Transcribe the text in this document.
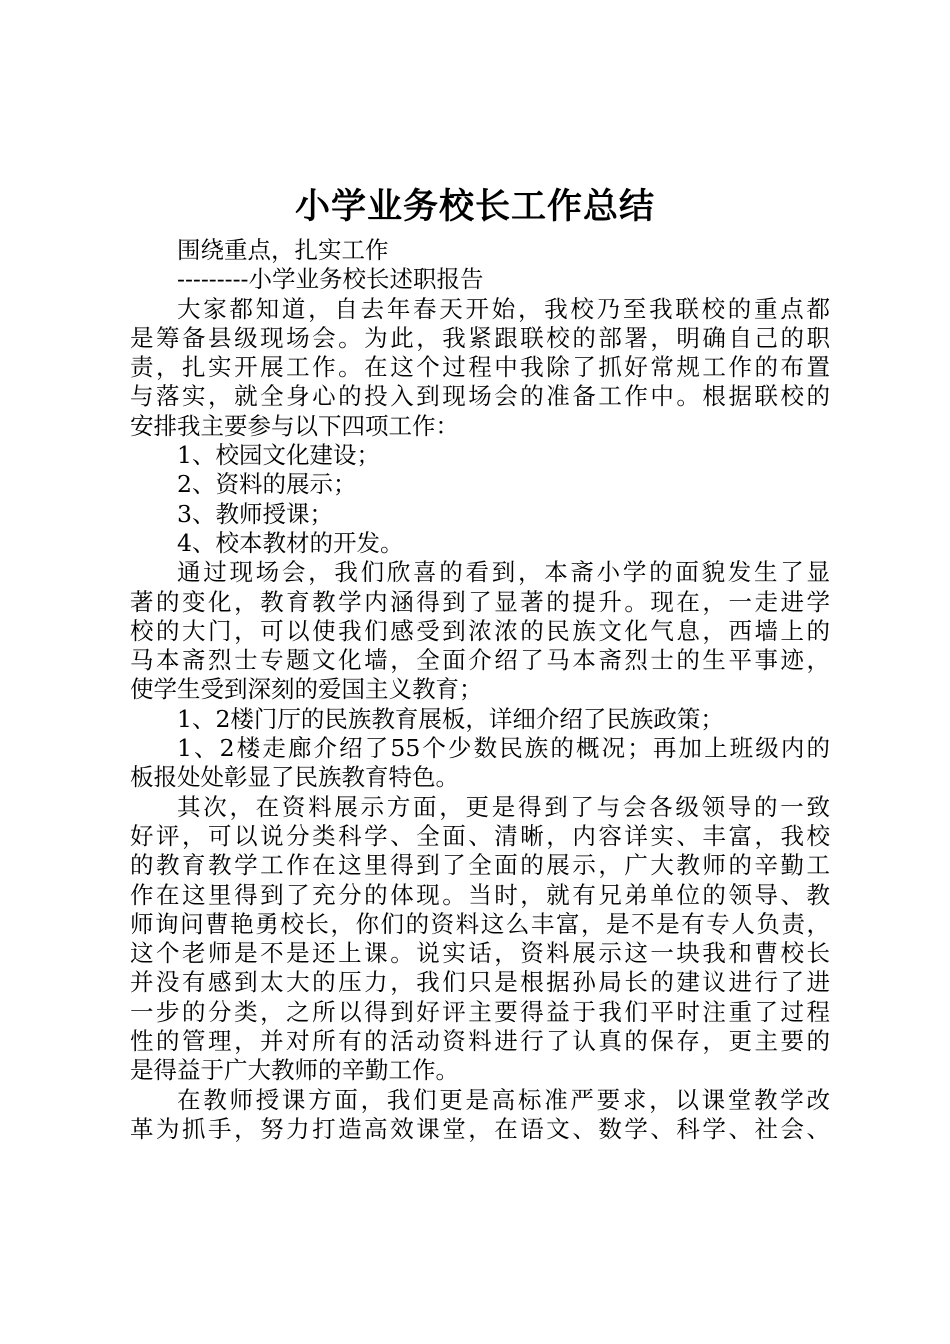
小学业务校长工作总结
围绕重点，扎实工作
---------小学业务校长述职报告
大家都知道，自去年春天开始，我校乃至我联校的重点都
是筹备县级现场会。为此，我紧跟联校的部署，明确自己的职
责，扎实开展工作。在这个过程中我除了抓好常规工作的布置
与落实，就全身心的投入到现场会的准备工作中。根据联校的
安排我主要参与以下四项工作：
1、校园文化建设；
2、资料的展示；
3、教师授课；
4、校本教材的开发。
通过现场会，我们欣喜的看到，本斋小学的面貌发生了显
著的变化，教育教学内涵得到了显著的提升。现在，一走进学
校的大门，可以使我们感受到浓浓的民族文化气息，西墙上的
马本斋烈士专题文化墙，全面介绍了马本斋烈士的生平事迹，
使学生受到深刻的爱国主义教育；
1、2楼门厅的民族教育展板，详细介绍了民族政策；
1、2楼走廊介绍了55个少数民族的概况；再加上班级内的
板报处处彰显了民族教育特色。
其次，在资料展示方面，更是得到了与会各级领导的一致
好评，可以说分类科学、全面、清晰，内容详实、丰富，我校
的教育教学工作在这里得到了全面的展示，广大教师的辛勤工
作在这里得到了充分的体现。当时，就有兄弟单位的领导、教
师询问曹艳勇校长，你们的资料这么丰富，是不是有专人负责，
这个老师是不是还上课。说实话，资料展示这一块我和曹校长
并没有感到太大的压力，我们只是根据孙局长的建议进行了进
一步的分类，之所以得到好评主要得益于我们平时注重了过程
性的管理，并对所有的活动资料进行了认真的保存，更主要的
是得益于广大教师的辛勤工作。
在教师授课方面，我们更是高标准严要求，以课堂教学改
革为抓手，努力打造高效课堂，在语文、数学、科学、社会、
